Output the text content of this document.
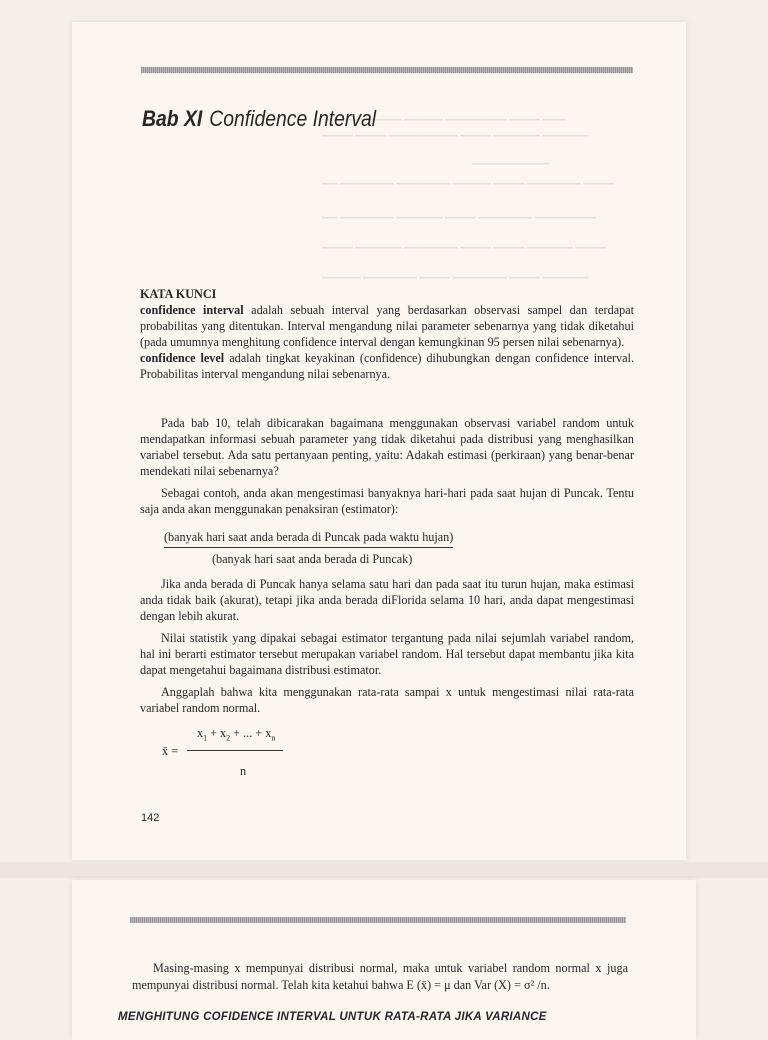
▁▁▁▁▁▁ ▁▁▁▁ ▁▁▁▁▁ ▁▁▁▁▁▁▁▁ ▁▁▁▁ ▁▁▁
▁▁▁▁ ▁▁▁▁ ▁▁▁▁▁▁▁▁▁ ▁▁▁▁ ▁▁▁▁▁▁ ▁▁▁▁▁▁
▁▁▁▁▁▁▁▁▁▁
▁▁ ▁▁▁▁▁▁▁ ▁▁▁▁▁▁▁ ▁▁▁▁▁ ▁▁▁▁ ▁▁▁▁▁▁▁ ▁▁▁▁
▁▁ ▁▁▁▁▁▁▁ ▁▁▁▁▁▁ ▁▁▁▁ ▁▁▁▁▁▁▁ ▁▁▁▁▁▁▁▁
▁▁▁▁ ▁▁▁▁▁▁ ▁▁▁▁▁▁▁ ▁▁▁▁ ▁▁▁▁ ▁▁▁▁▁▁ ▁▁▁▁
▁▁▁▁▁ ▁▁▁▁▁▁▁ ▁▁▁▁ ▁▁▁▁▁▁▁ ▁▁▁▁ ▁▁▁▁▁▁
Bab XI Confidence Interval

KATA KUNCI

confidence interval adalah sebuah interval yang berdasarkan observasi sampel dan terdapat probabilitas yang ditentukan. Interval mengandung nilai parameter sebenarnya yang tidak diketahui (pada umumnya menghitung confidence interval dengan kemungkinan 95 persen nilai sebenarnya).

confidence level adalah tingkat keyakinan (confidence) dihubungkan dengan confidence interval. Probabilitas interval mengandung nilai sebenarnya.

Pada bab 10, telah dibicarakan bagaimana menggunakan observasi variabel random untuk mendapatkan informasi sebuah parameter yang tidak diketahui pada distribusi yang menghasilkan variabel tersebut. Ada satu pertanyaan penting, yaitu: Adakah estimasi (perkiraan) yang benar-benar mendekati nilai sebenarnya?

Sebagai contoh, anda akan mengestimasi banyaknya hari-hari pada saat hujan di Puncak. Tentu saja anda akan menggunakan penaksiran (estimator):

(banyak hari saat anda berada di Puncak pada waktu hujan)
(banyak hari saat anda berada di Puncak)

Jika anda berada di Puncak hanya selama satu hari dan pada saat itu turun hujan, maka estimasi anda tidak baik (akurat), tetapi jika anda berada diFlorida selama 10 hari, anda dapat mengestimasi dengan lebih akurat.

Nilai statistik yang dipakai sebagai estimator tergantung pada nilai sejumlah variabel random, hal ini berarti estimator tersebut merupakan variabel random. Hal tersebut dapat membantu jika kita dapat mengetahui bagaimana distribusi estimator.

Anggaplah bahwa kita menggunakan rata-rata sampai x untuk mengestimasi nilai rata-rata variabel random normal.

x̄ =
$x_1 + x_2$ + ... + $x_n$
n
142

Masing-masing x mempunyai distribusi normal, maka untuk variabel random normal x juga mempunyai distribusi normal. Telah kita ketahui bahwa E (x̄) = μ dan Var (X) = σ² /n.

MENGHITUNG COFIDENCE INTERVAL UNTUK RATA-RATA JIKA VARIANCE
